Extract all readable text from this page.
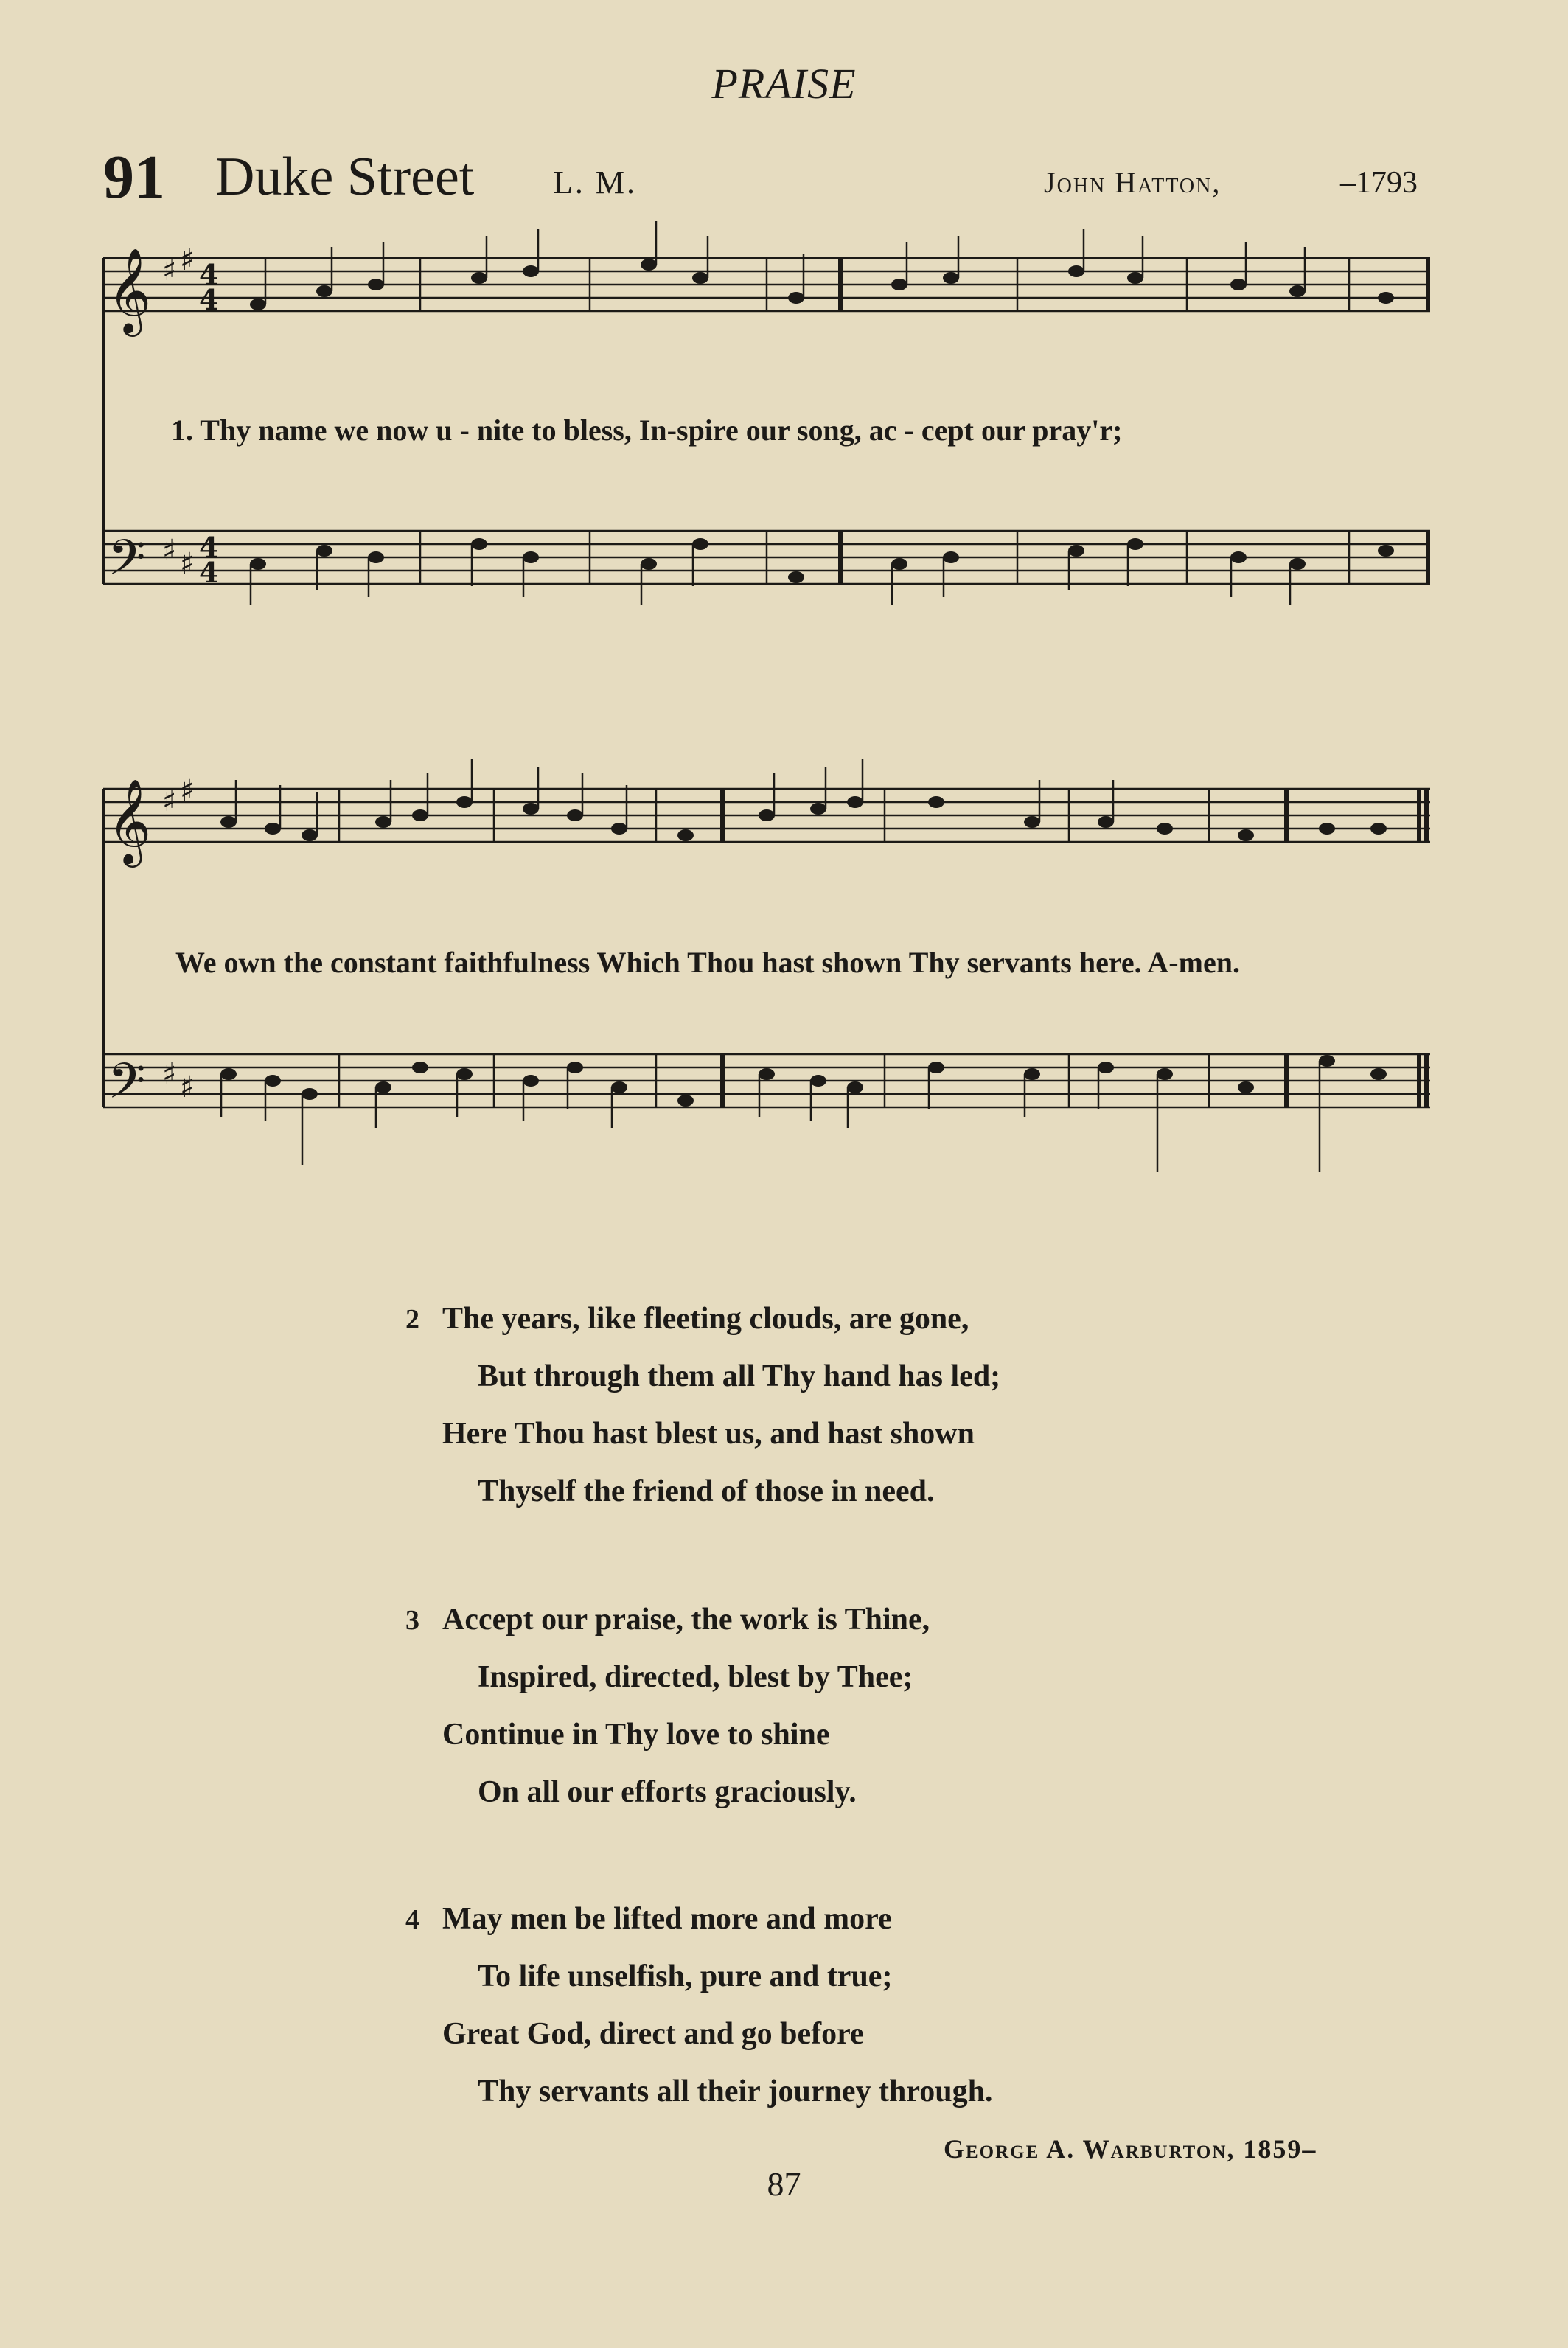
PRAISE
91 Duke Street L. M.	John Hatton,	–1793
𝄞
𝄢
♯ ♯
♯ ♯
4
4
4
4
1. Thy name we now u - nite to bless, In-spire our song, ac - cept our pray'r;
𝄞
𝄢
♯ ♯
♯ ♯
We own the constant faithfulness Which Thou hast shown Thy servants here. A-men.
2 The years, like fleeting clouds, are gone,
But through them all Thy hand has led;
Here Thou hast blest us, and hast shown
Thyself the friend of those in need.
3 Accept our praise, the work is Thine,
Inspired, directed, blest by Thee;
Continue in Thy love to shine
On all our efforts graciously.
4 May men be lifted more and more
To life unselfish, pure and true;
Great God, direct and go before
Thy servants all their journey through.
George A. Warburton, 1859–
87
